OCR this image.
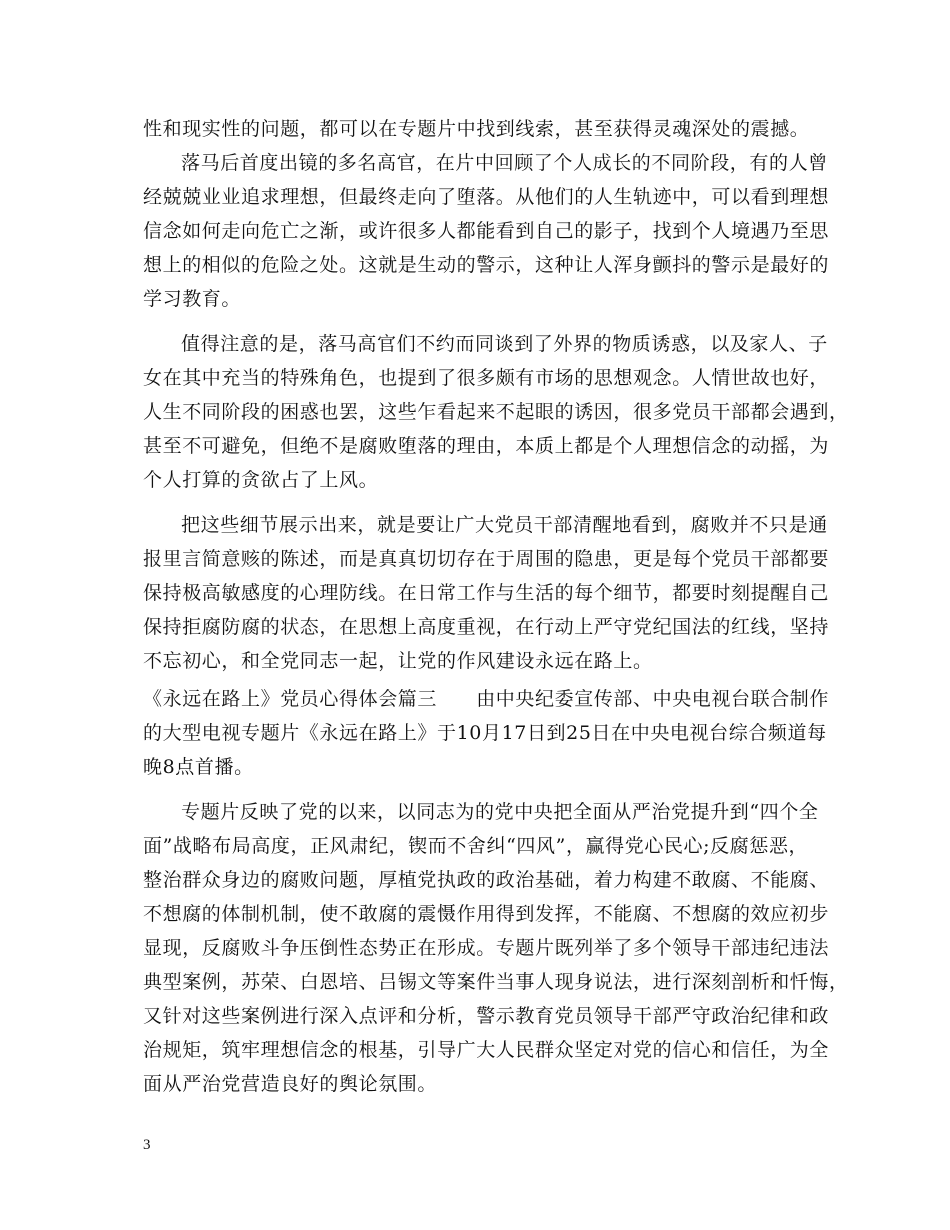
性和现实性的问题，都可以在专题片中找到线索，甚至获得灵魂深处的震撼。
落马后首度出镜的多名高官，在片中回顾了个人成长的不同阶段，有的人曾
经兢兢业业追求理想，但最终走向了堕落。从他们的人生轨迹中，可以看到理想
信念如何走向危亡之渐，或许很多人都能看到自己的影子，找到个人境遇乃至思
想上的相似的危险之处。这就是生动的警示，这种让人浑身颤抖的警示是最好的
学习教育。
值得注意的是，落马高官们不约而同谈到了外界的物质诱惑，以及家人、子
女在其中充当的特殊角色，也提到了很多颇有市场的思想观念。人情世故也好，
人生不同阶段的困惑也罢，这些乍看起来不起眼的诱因，很多党员干部都会遇到，
甚至不可避免，但绝不是腐败堕落的理由，本质上都是个人理想信念的动摇，为
个人打算的贪欲占了上风。
把这些细节展示出来，就是要让广大党员干部清醒地看到，腐败并不只是通
报里言简意赅的陈述，而是真真切切存在于周围的隐患，更是每个党员干部都要
保持极高敏感度的心理防线。在日常工作与生活的每个细节，都要时刻提醒自己
保持拒腐防腐的状态，在思想上高度重视，在行动上严守党纪国法的红线，坚持
不忘初心，和全党同志一起，让党的作风建设永远在路上。
《永远在路上》党员心得体会篇三　　由中央纪委宣传部、中央电视台联合制作
的大型电视专题片《永远在路上》于10月17日到25日在中央电视台综合频道每
晚8点首播。
专题片反映了党的以来，以同志为的党中央把全面从严治党提升到“四个全
面”战略布局高度，正风肃纪，锲而不舍纠“四风”，赢得党心民心;反腐惩恶，
整治群众身边的腐败问题，厚植党执政的政治基础，着力构建不敢腐、不能腐、
不想腐的体制机制，使不敢腐的震慑作用得到发挥，不能腐、不想腐的效应初步
显现，反腐败斗争压倒性态势正在形成。专题片既列举了多个领导干部违纪违法
典型案例，苏荣、白恩培、吕锡文等案件当事人现身说法，进行深刻剖析和忏悔，
又针对这些案例进行深入点评和分析，警示教育党员领导干部严守政治纪律和政
治规矩，筑牢理想信念的根基，引导广大人民群众坚定对党的信心和信任，为全
面从严治党营造良好的舆论氛围。
3
